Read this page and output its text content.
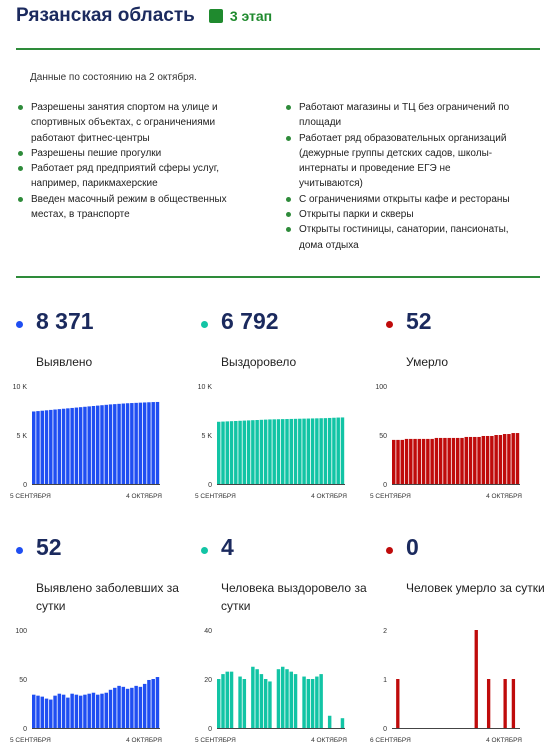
Рязанская область	3 этап
Данные по состоянию на 2 октября.
Разрешены занятия спортом на улице и спортивных объектах, с ограничениями работают фитнес-центры
Разрешены пешие прогулки
Работает ряд предприятий сферы услуг, например, парикмахерские
Введен масочный режим в общественных местах, в транспорте
Работают магазины и ТЦ без ограничений по площади
Работает ряд образовательных организаций (дежурные группы детских садов, школы-интернаты и проведение ЕГЭ не учитываются)
С ограничениями открыты кафе и рестораны
Открыты парки и скверы
Открыты гостиницы, санатории, пансионаты, дома отдыха
8 371
Выявлено
6 792
Выздоровело
52
Умерло
10 K
5 K
0
5 СЕНТЯБРЯ	4 ОКТЯБРЯ
10 K
5 K
0
5 СЕНТЯБРЯ	4 ОКТЯБРЯ
100
50
0
5 СЕНТЯБРЯ	4 ОКТЯБРЯ
52
Выявлено заболевших за сутки
4
Человека выздоровело за сутки
0
Человек умерло за сутки
100
50
0
5 СЕНТЯБРЯ	4 ОКТЯБРЯ
40
20
0
5 СЕНТЯБРЯ	4 ОКТЯБРЯ
2
1
0
6 СЕНТЯБРЯ	4 ОКТЯБРЯ
